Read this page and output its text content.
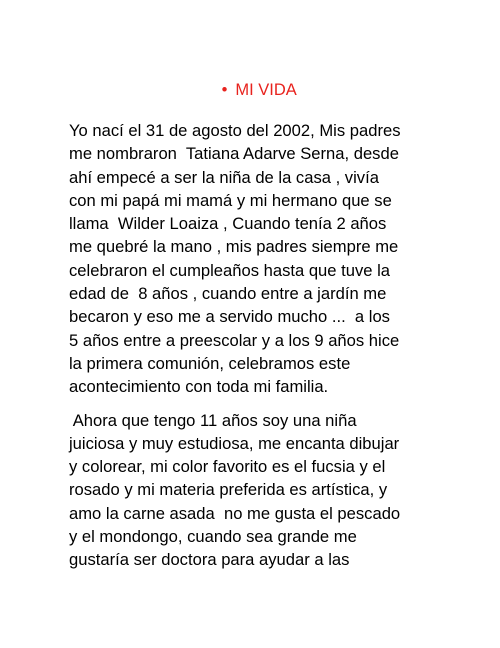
• MI VIDA

Yo nací el 31 de agosto del 2002, Mis padres
me nombraron  Tatiana Adarve Serna, desde
ahí empecé a ser la niña de la casa , vivía
con mi papá mi mamá y mi hermano que se
llama  Wilder Loaiza , Cuando tenía 2 años
me quebré la mano , mis padres siempre me
celebraron el cumpleaños hasta que tuve la
edad de  8 años , cuando entre a jardín me
becaron y eso me a servido mucho ...  a los
5 años entre a preescolar y a los 9 años hice
la primera comunión, celebramos este
acontecimiento con toda mi familia.
Ahora que tengo 11 años soy una niña
juiciosa y muy estudiosa, me encanta dibujar
y colorear, mi color favorito es el fucsia y el
rosado y mi materia preferida es artística, y
amo la carne asada  no me gusta el pescado
y el mondongo, cuando sea grande me
gustaría ser doctora para ayudar a las
